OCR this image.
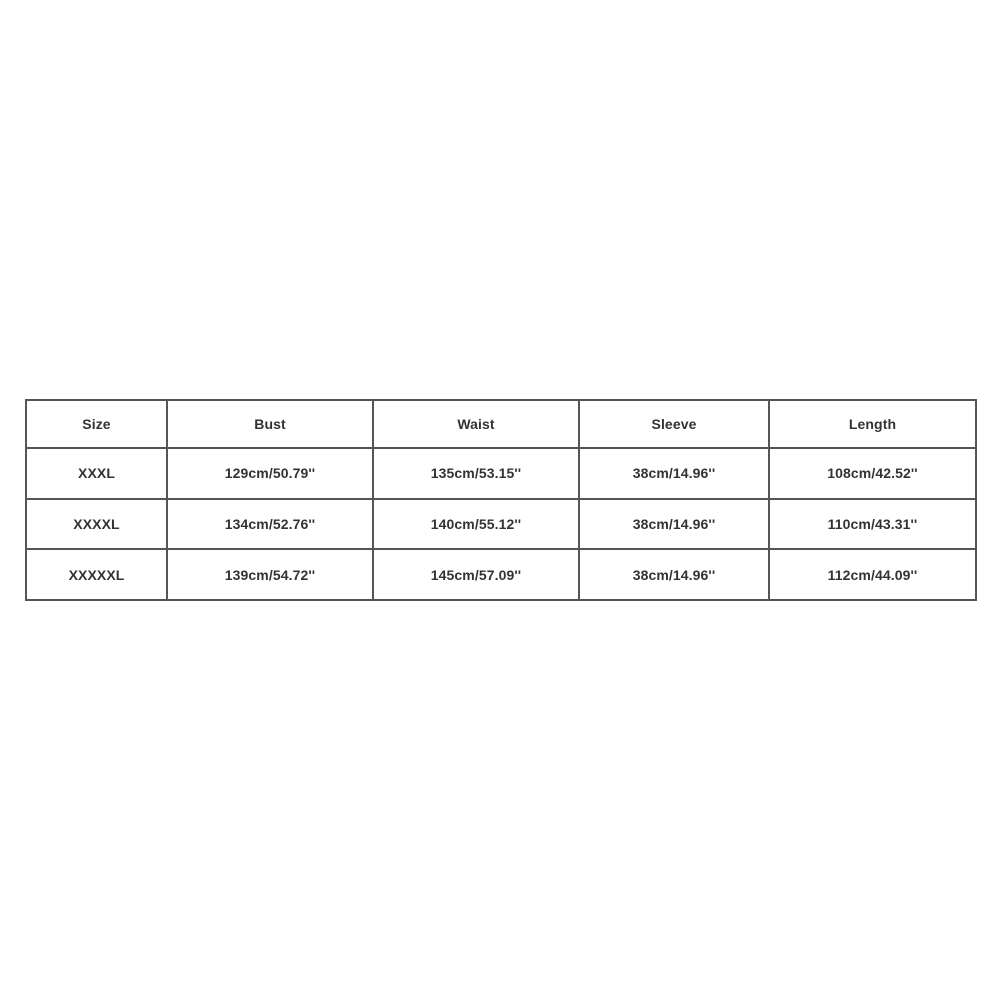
Size	Bust	Waist	Sleeve	Length
XXXL	129cm/50.79''	135cm/53.15''	38cm/14.96''	108cm/42.52''
XXXXL	134cm/52.76''	140cm/55.12''	38cm/14.96''	110cm/43.31''
XXXXXL	139cm/54.72''	145cm/57.09''	38cm/14.96''	112cm/44.09''
